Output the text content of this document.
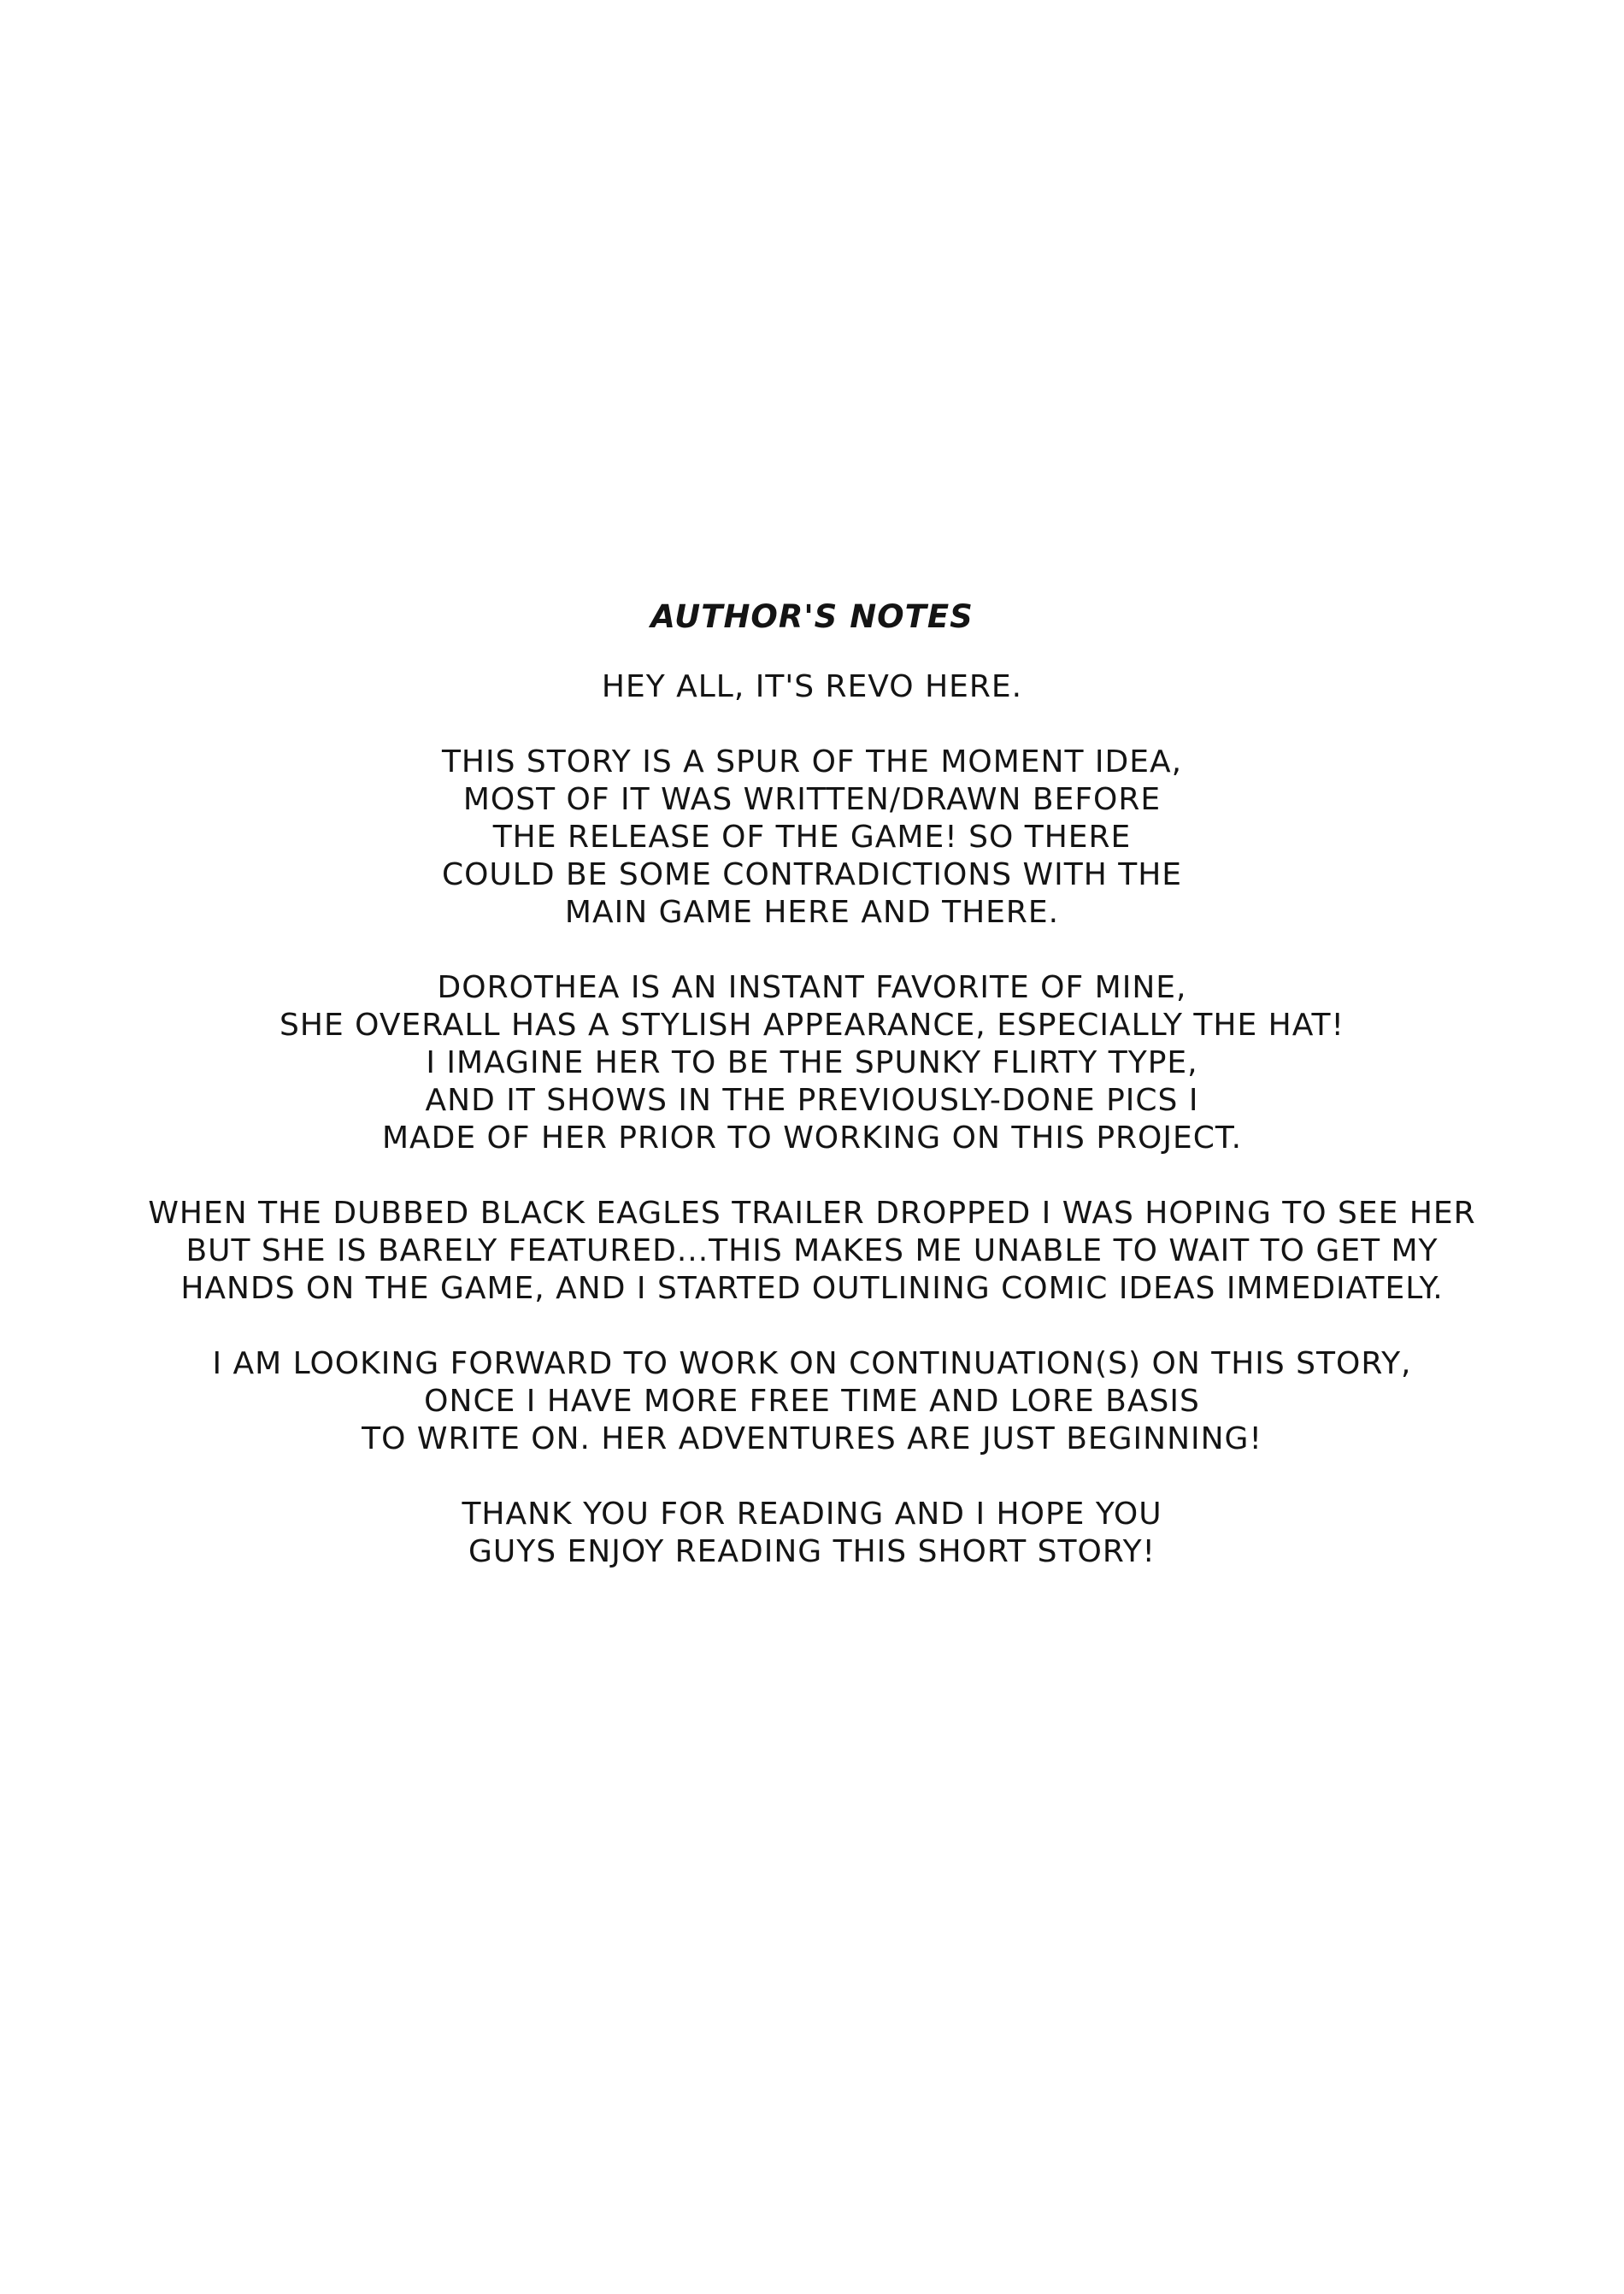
AUTHOR'S NOTES
HEY ALL, IT'S REVO HERE.
THIS STORY IS A SPUR OF THE MOMENT IDEA,
MOST OF IT WAS WRITTEN/DRAWN BEFORE
THE RELEASE OF THE GAME! SO THERE
COULD BE SOME CONTRADICTIONS WITH THE
MAIN GAME HERE AND THERE.
DOROTHEA IS AN INSTANT FAVORITE OF MINE,
SHE OVERALL HAS A STYLISH APPEARANCE, ESPECIALLY THE HAT!
I IMAGINE HER TO BE THE SPUNKY FLIRTY TYPE,
AND IT SHOWS IN THE PREVIOUSLY-DONE PICS I
MADE OF HER PRIOR TO WORKING ON THIS PROJECT.
WHEN THE DUBBED BLACK EAGLES TRAILER DROPPED I WAS HOPING TO SEE HER
BUT SHE IS BARELY FEATURED...THIS MAKES ME UNABLE TO WAIT TO GET MY
HANDS ON THE GAME, AND I STARTED OUTLINING COMIC IDEAS IMMEDIATELY.
I AM LOOKING FORWARD TO WORK ON CONTINUATION(S) ON THIS STORY,
ONCE I HAVE MORE FREE TIME AND LORE BASIS
TO WRITE ON. HER ADVENTURES ARE JUST BEGINNING!
THANK YOU FOR READING AND I HOPE YOU
GUYS ENJOY READING THIS SHORT STORY!
